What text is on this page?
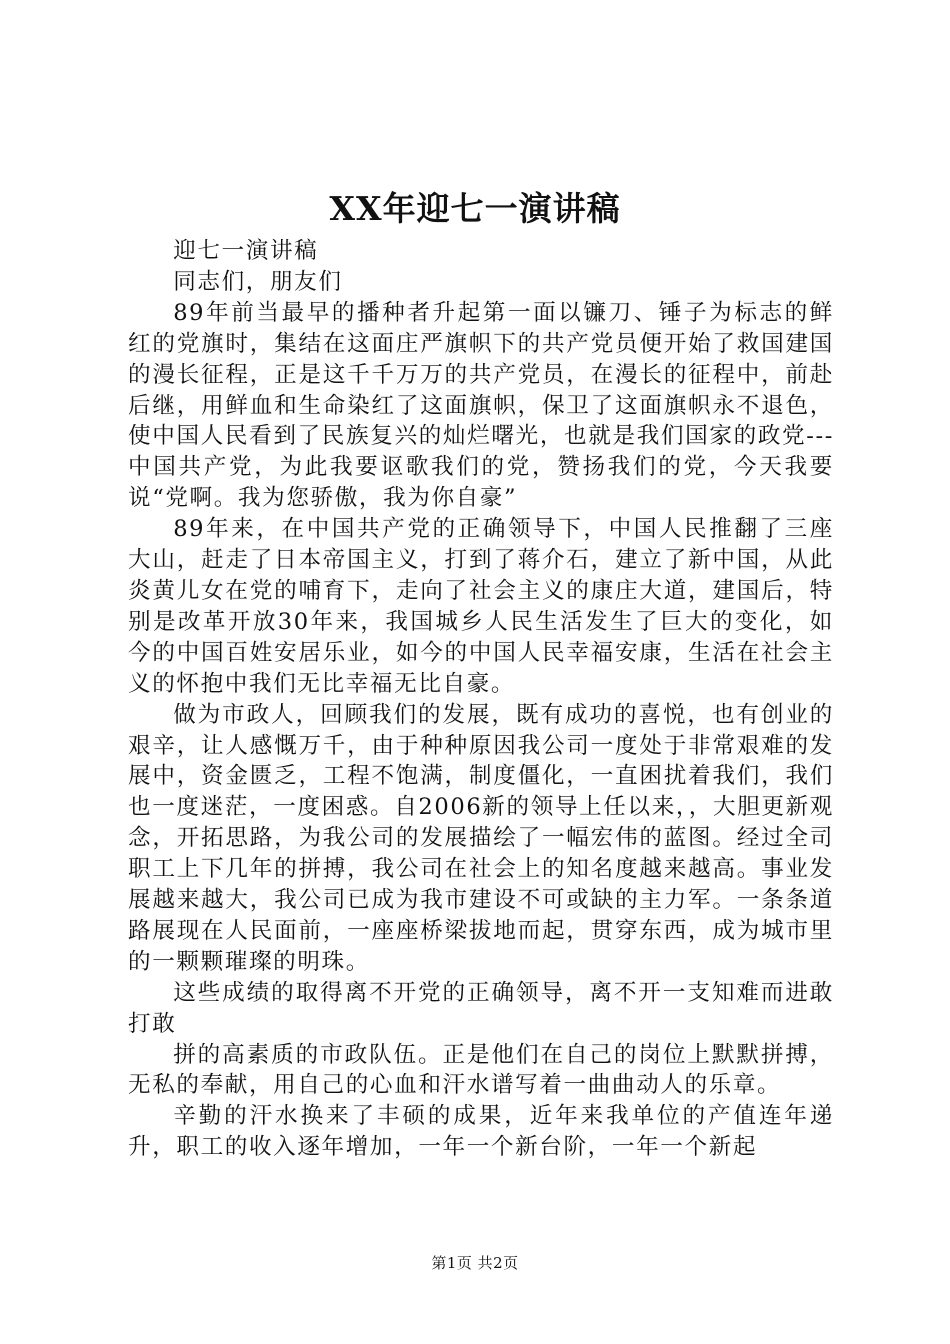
XX年迎七一演讲稿

迎七一演讲稿

同志们，朋友们

89年前当最早的播种者升起第一面以镰刀、锤子为标志的鲜红的党旗时，集结在这面庄严旗帜下的共产党员便开始了救国建国的漫长征程，正是这千千万万的共产党员，在漫长的征程中，前赴后继，用鲜血和生命染红了这面旗帜，保卫了这面旗帜永不退色，使中国人民看到了民族复兴的灿烂曙光，也就是我们国家的政党---中国共产党，为此我要讴歌我们的党，赞扬我们的党，今天我要说“党啊。我为您骄傲，我为你自豪”

89年来，在中国共产党的正确领导下，中国人民推翻了三座大山，赶走了日本帝国主义，打到了蒋介石，建立了新中国，从此炎黄儿女在党的哺育下，走向了社会主义的康庄大道，建国后，特别是改革开放30年来，我国城乡人民生活发生了巨大的变化，如今的中国百姓安居乐业，如今的中国人民幸福安康，生活在社会主义的怀抱中我们无比幸福无比自豪。

做为市政人，回顾我们的发展，既有成功的喜悦，也有创业的艰辛，让人感慨万千，由于种种原因我公司一度处于非常艰难的发展中，资金匮乏，工程不饱满，制度僵化，一直困扰着我们，我们也一度迷茫，一度困惑。自2006新的领导上任以来，，大胆更新观念，开拓思路，为我公司的发展描绘了一幅宏伟的蓝图。经过全司职工上下几年的拼搏，我公司在社会上的知名度越来越高。事业发展越来越大，我公司已成为我市建设不可或缺的主力军。一条条道路展现在人民面前，一座座桥梁拔地而起，贯穿东西，成为城市里的一颗颗璀璨的明珠。

这些成绩的取得离不开党的正确领导，离不开一支知难而进敢打敢

拼的高素质的市政队伍。正是他们在自己的岗位上默默拼搏，无私的奉献，用自己的心血和汗水谱写着一曲曲动人的乐章。

辛勤的汗水换来了丰硕的成果，近年来我单位的产值连年递升，职工的收入逐年增加，一年一个新台阶，一年一个新起

第1页 共2页
